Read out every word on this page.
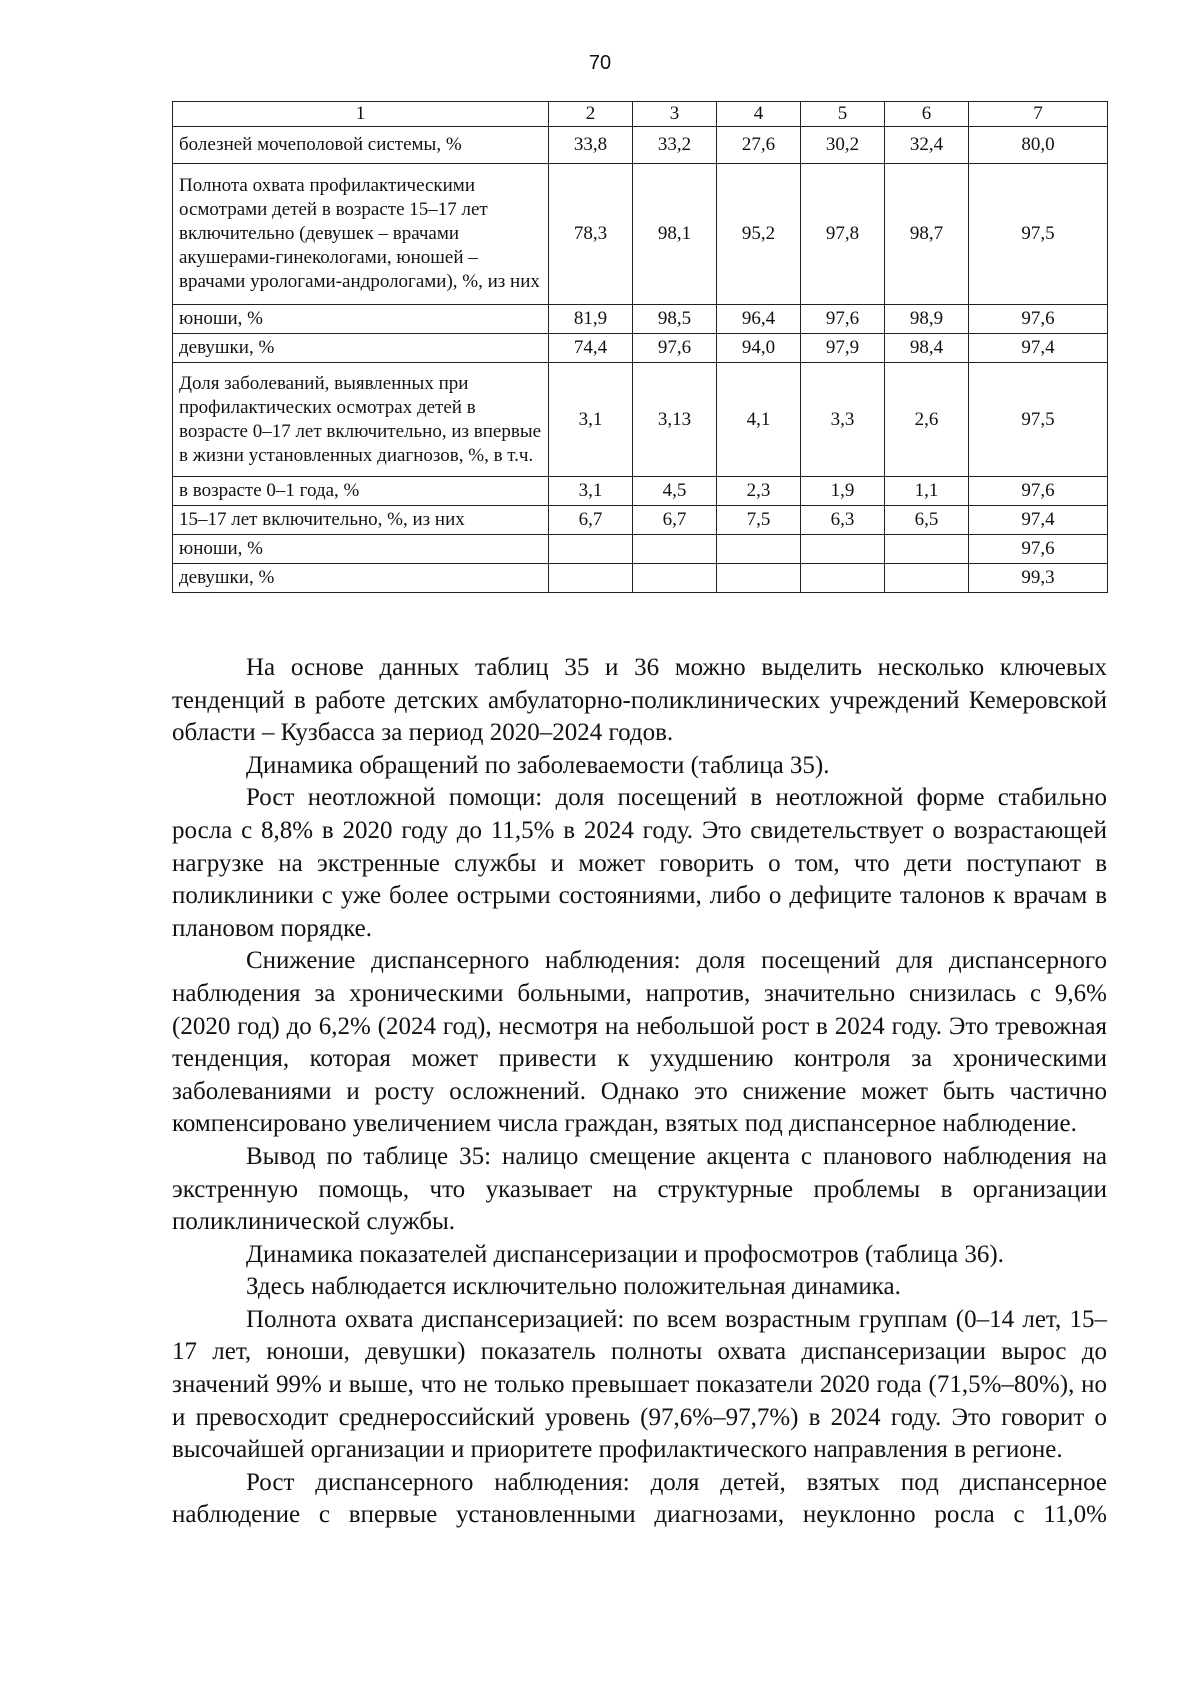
70
1	2	3	4	5	6	7
болезней мочеполовой системы, %	33,8	33,2	27,6	30,2	32,4	80,0
Полнота охвата профилактическими осмотрами детей в возрасте 15–17 лет включительно (девушек – врачами акушерами-гинекологами, юношей – врачами урологами-андрологами), %, из них	78,3	98,1	95,2	97,8	98,7	97,5
юноши, %	81,9	98,5	96,4	97,6	98,9	97,6
девушки, %	74,4	97,6	94,0	97,9	98,4	97,4
Доля заболеваний, выявленных при профилактических осмотрах детей в возрасте 0–17 лет включительно, из впервые в жизни установленных диагнозов, %, в т.ч.	3,1	3,13	4,1	3,3	2,6	97,5
в возрасте 0–1 года, %	3,1	4,5	2,3	1,9	1,1	97,6
15–17 лет включительно, %, из них	6,7	6,7	7,5	6,3	6,5	97,4
юноши, %						97,6
девушки, %						99,3

На основе данных таблиц 35 и 36 можно выделить несколько ключевых тенденций в работе детских амбулаторно-поликлинических учреждений Кемеровской области – Кузбасса за период 2020–2024 годов.

Динамика обращений по заболеваемости (таблица 35).

Рост неотложной помощи: доля посещений в неотложной форме стабильно росла с 8,8% в 2020 году до 11,5% в 2024 году. Это свидетельствует о возрастающей нагрузке на экстренные службы и может говорить о том, что дети поступают в поликлиники с уже более острыми состояниями, либо о дефиците талонов к врачам в плановом порядке.

Снижение диспансерного наблюдения: доля посещений для диспансерного наблюдения за хроническими больными, напротив, значительно снизилась с 9,6% (2020 год) до 6,2% (2024 год), несмотря на небольшой рост в 2024 году. Это тревожная тенденция, которая может привести к ухудшению контроля за хроническими заболеваниями и росту осложнений. Однако это снижение может быть частично компенсировано увеличением числа граждан, взятых под диспансерное наблюдение.

Вывод по таблице 35: налицо смещение акцента с планового наблюдения на экстренную помощь, что указывает на структурные проблемы в организации поликлинической службы.

Динамика показателей диспансеризации и профосмотров (таблица 36).

Здесь наблюдается исключительно положительная динамика.

Полнота охвата диспансеризацией: по всем возрастным группам (0–14 лет, 15–17 лет, юноши, девушки) показатель полноты охвата диспансеризации вырос до значений 99% и выше, что не только превышает показатели 2020 года (71,5%–80%), но и превосходит среднероссийский уровень (97,6%–97,7%) в 2024 году. Это говорит о высочайшей организации и приоритете профилактического направления в регионе.

Рост диспансерного наблюдения: доля детей, взятых под диспансерное наблюдение с впервые установленными диагнозами, неуклонно росла с 11,0%
